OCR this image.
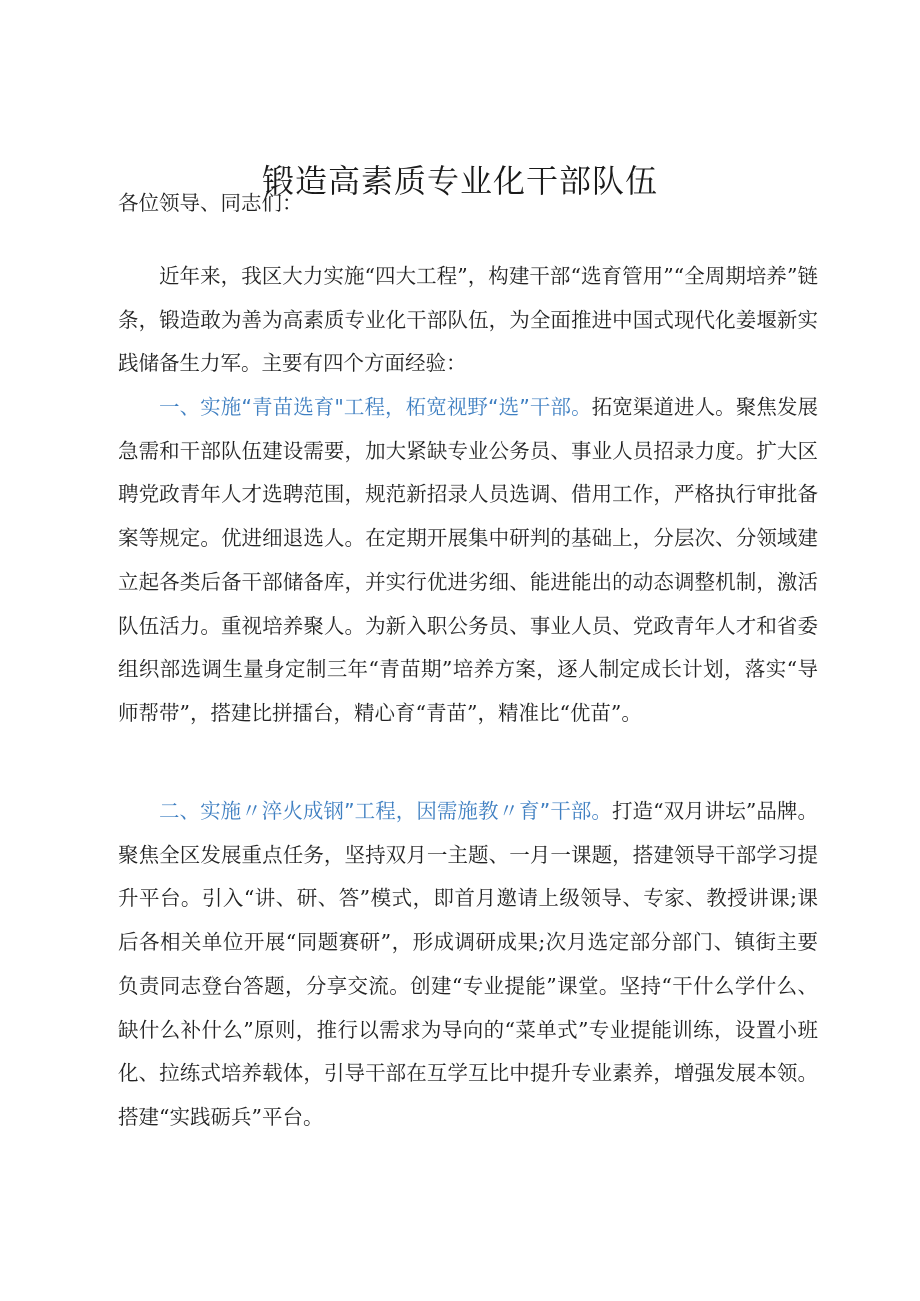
锻造高素质专业化干部队伍
各位领导、同志们：

近年来，我区大力实施“四大工程”，构建干部“选育管用”“全周期培养”链条，锻造敢为善为高素质专业化干部队伍，为全面推进中国式现代化姜堰新实践储备生力军。主要有四个方面经验：

一、实施“青苗选育"工程，柘宽视野“选”干部。拓宽渠道进人。聚焦发展急需和干部队伍建设需要，加大紧缺专业公务员、事业人员招录力度。扩大区聘党政青年人才选聘范围，规范新招录人员选调、借用工作，严格执行审批备案等规定。优进细退选人。在定期开展集中研判的基础上，分层次、分领域建立起各类后备干部储备库，并实行优进劣细、能进能出的动态调整机制，激活队伍活力。重视培养聚人。为新入职公务员、事业人员、党政青年人才和省委组织部选调生量身定制三年“青苗期”培养方案，逐人制定成长计划，落实“导师帮带”，搭建比拼擂台，精心育“青苗”，精准比“优苗”。

二、实施〃淬火成钢”工程，因需施教〃育”干部。打造“双月讲坛”品牌。聚焦全区发展重点任务，坚持双月一主题、一月一课题，搭建领导干部学习提升平台。引入“讲、研、答”模式，即首月邀请上级领导、专家、教授讲课;课后各相关单位开展“同题赛研”，形成调研成果;次月选定部分部门、镇街主要负责同志登台答题，分享交流。创建“专业提能”课堂。坚持“干什么学什么、缺什么补什么”原则，推行以需求为导向的“菜单式”专业提能训练，设置小班化、拉练式培养载体，引导干部在互学互比中提升专业素养，增强发展本领。搭建“实践砺兵”平台。
